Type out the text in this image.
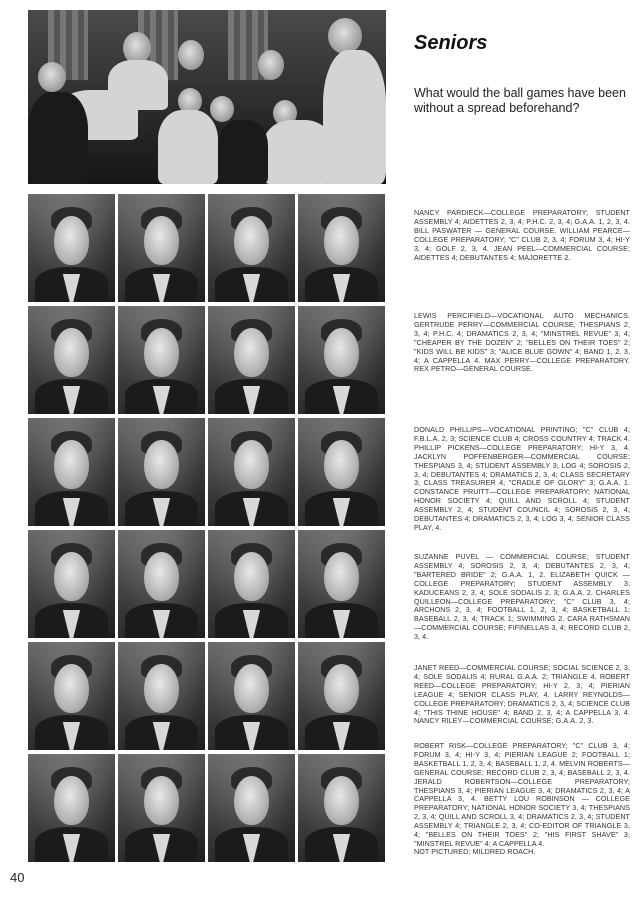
Seniors

What would the ball games have been without a spread beforehand?

NANCY PARDIECK—COLLEGE PREPARATORY; STUDENT ASSEMBLY 4; AIDETTES 2, 3, 4; P.H.C. 2, 3, 4; G.A.A. 1, 2, 3, 4. BILL PASWATER — GENERAL COURSE. WILLIAM PEARCE—COLLEGE PREPARATORY; "C" CLUB 2, 3, 4; FORUM 3, 4; HI-Y 3, 4; GOLF 2, 3, 4. JEAN PEEL—COMMERCIAL COURSE; AIDETTES 4; DEBUTANTES 4; MAJORETTE 2.

LEWIS PERCIFIELD—VOCATIONAL AUTO MECHANICS. GERTRUDE PERRY—COMMERCIAL COURSE; THESPIANS 2, 3, 4; P.H.C. 4; DRAMATICS 2, 3, 4; "MINSTREL REVUE" 3, 4; "CHEAPER BY THE DOZEN" 2; "BELLES ON THEIR TOES" 2; "KIDS WILL BE KIDS" 3; "ALICE BLUE GOWN" 4; BAND 1, 2, 3, 4; A CAPPELLA 4. MAX PERRY—COLLEGE PREPARATORY. REX PETRO—GENERAL COURSE.

DONALD PHILLIPS—VOCATIONAL PRINTING; "C" CLUB 4; F.B.L.A. 2, 3; SCIENCE CLUB 4; CROSS COUNTRY 4; TRACK 4. PHILLIP PICKENS—COLLEGE PREPARATORY; HI-Y 3, 4. JACKLYN POFFENBERGER—COMMERCIAL COURSE; THESPIANS 3, 4; STUDENT ASSEMBLY 3; LOG 4; SOROSIS 2, 3, 4; DEBUTANTES 4; DRAMATICS 2, 3, 4; CLASS SECRETARY 3; CLASS TREASURER 4; "CRADLE OF GLORY" 3; G.A.A. 1. CONSTANCE PRUITT—COLLEGE PREPARATORY; NATIONAL HONOR SOCIETY 4; QUILL AND SCROLL 4; STUDENT ASSEMBLY 2, 4; STUDENT COUNCIL 4; SOROSIS 2, 3, 4; DEBUTANTES 4; DRAMATICS 2, 3, 4; LOG 3, 4; SENIOR CLASS PLAY, 4.

SUZANNE PUVEL — COMMERCIAL COURSE; STUDENT ASSEMBLY 4; SOROSIS 2, 3, 4; DEBUTANTES 2, 3, 4; "BARTERED BRIDE" 2; G.A.A. 1, 2. ELIZABETH QUICK — COLLEGE PREPARATORY; STUDENT ASSEMBLY 3; KADUCEANS 2, 3, 4; SOLE SODALIS 2, 3; G.A.A. 2. CHARLES QUILLEON—COLLEGE PREPARATORY; "C" CLUB 3, 4; ARCHONS 2, 3, 4; FOOTBALL 1, 2, 3, 4; BASKETBALL 1; BASEBALL 2, 3, 4; TRACK 1; SWIMMING 2. CARA RATHSMAN—COMMERCIAL COURSE; FIFINELLAS 3, 4; RECORD CLUB 2, 3, 4.

JANET REED—COMMERCIAL COURSE; SOCIAL SCIENCE 2, 3, 4; SOLE SODALIS 4; RURAL G.A.A. 2; TRIANGLE 4. ROBERT REED—COLLEGE PREPARATORY; HI-Y 2, 3, 4; PIERIAN LEAGUE 4; SENIOR CLASS PLAY, 4. LARRY REYNOLDS—COLLEGE PREPARATORY; DRAMATICS 2, 3, 4; SCIENCE CLUB 4; "THIS THINE HOUSE" 4; BAND 2, 3, 4; A CAPPELLA 3, 4. NANCY RILEY—COMMERCIAL COURSE; G.A.A. 2, 3.

ROBERT RISK—COLLEGE PREPARATORY; "C" CLUB 3, 4; FORUM 3, 4; HI-Y 3, 4; PIERIAN LEAGUE 2; FOOTBALL 1; BASKETBALL 1, 2, 3, 4; BASEBALL 1, 2, 4. MELVIN ROBERTS—GENERAL COURSE; RECORD CLUB 2, 3, 4; BASEBALL 2, 3, 4. JERALD ROBERTSON—COLLEGE PREPARATORY; THESPIANS 3, 4; PIERIAN LEAGUE 3, 4; DRAMATICS 2, 3, 4; A CAPPELLA 3, 4. BETTY LOU ROBINSON — COLLEGE PREPARATORY; NATIONAL HONOR SOCIETY 3, 4; THESPIANS 2, 3, 4; QUILL AND SCROLL 3, 4; DRAMATICS 2, 3, 4; STUDENT ASSEMBLY 4; TRIANGLE 2, 3, 4; CO-EDITOR OF TRIANGLE 3, 4; "BELLES ON THEIR TOES" 2; "HIS FIRST SHAVE" 3; "MINSTREL REVUE" 4; A CAPPELLA 4.

NOT PICTURED: MILDRED ROACH.

40
